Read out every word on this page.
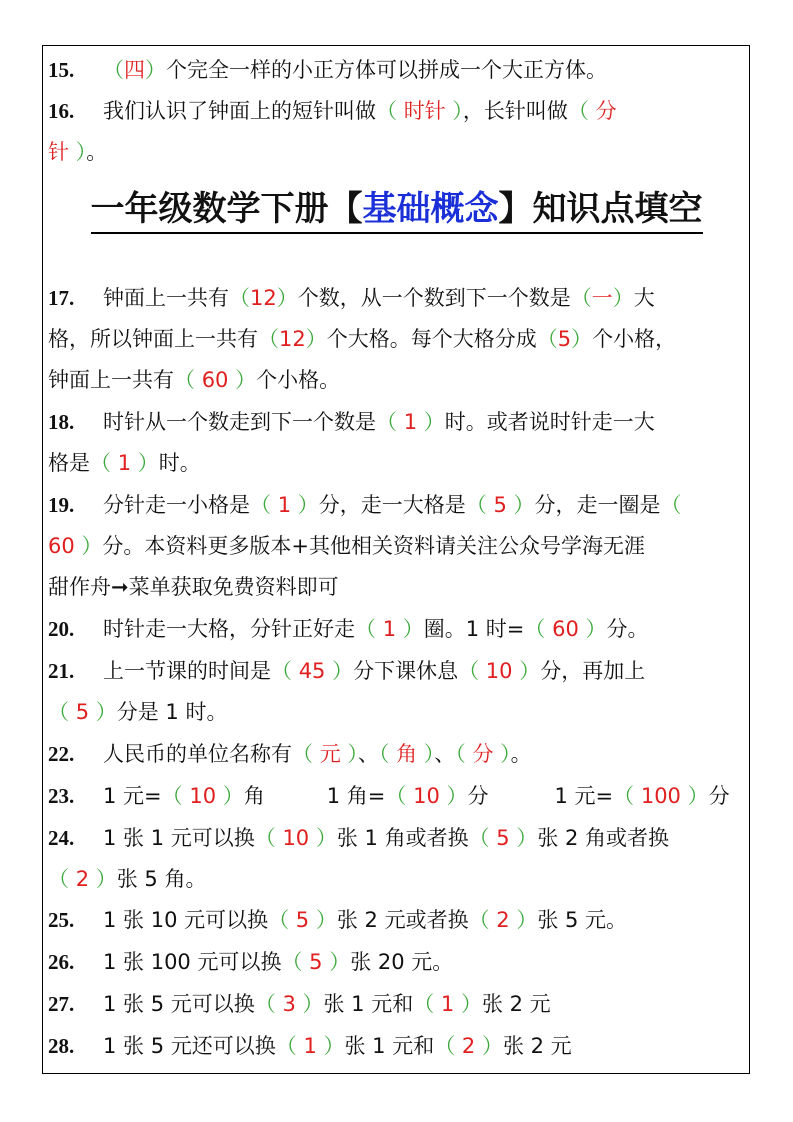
15. （四）个完全一样的小正方体可以拼成一个大正方体。
16. 我们认识了钟面上的短针叫做（ 时针 ），长针叫做（ 分
针 ）。
一年级数学下册【基础概念】知识点填空
17. 钟面上一共有（12）个数，从一个数到下一个数是（一）大
格，所以钟面上一共有（12）个大格。每个大格分成（5）个小格，
钟面上一共有（ 60 ）个小格。
18. 时针从一个数走到下一个数是（ 1 ）时。或者说时针走一大
格是（ 1 ）时。
19. 分针走一小格是（ 1 ）分，走一大格是（ 5 ）分，走一圈是（
60 ）分。本资料更多版本+其他相关资料请关注公众号学海无涯
甜作舟➞菜单获取免费资料即可
20. 时针走一大格，分针正好走（ 1 ）圈。1 时=（ 60 ）分。
21. 上一节课的时间是（ 45 ）分下课休息（ 10 ）分，再加上
（ 5 ）分是 1 时。
22. 人民币的单位名称有（ 元 ）、（ 角 ）、（ 分 ）。
23. 1 元=（ 10 ）角	1 角=（ 10 ）分	1 元=（ 100 ）分
24. 1 张 1 元可以换（ 10 ）张 1 角或者换（ 5 ）张 2 角或者换
（ 2 ）张 5 角。
25. 1 张 10 元可以换（ 5 ）张 2 元或者换（ 2 ）张 5 元。
26. 1 张 100 元可以换（ 5 ）张 20 元。
27. 1 张 5 元可以换（ 3 ）张 1 元和（ 1 ）张 2 元
28. 1 张 5 元还可以换（ 1 ）张 1 元和（ 2 ）张 2 元
